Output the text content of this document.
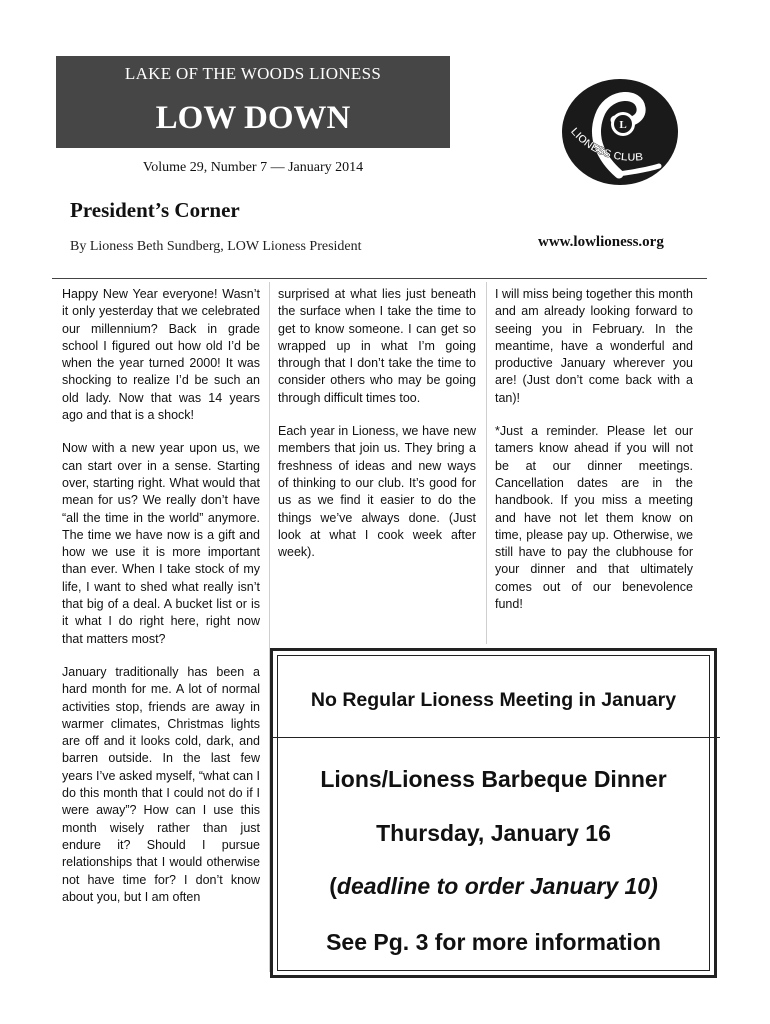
LAKE OF THE WOODS LIONESS
LOW DOWN
Volume 29, Number 7 — January 2014
L
LIONESS CLUB
President’s Corner
By Lioness Beth Sundberg, LOW Lioness President	www.lowlioness.org

Happy New Year everyone! Wasn’t it only yesterday that we celebrated our millennium? Back in grade school I figured out how old I’d be when the year turned 2000! It was shocking to realize I’d be such an old lady. Now that was 14 years ago and that is a shock!

Now with a new year upon us, we can start over in a sense. Starting over, starting right. What would that mean for us? We really don’t have “all the time in the world” anymore. The time we have now is a gift and how we use it is more important than ever. When I take stock of my life, I want to shed what really isn’t that big of a deal. A bucket list or is it what I do right here, right now that matters most?

January traditionally has been a hard month for me. A lot of normal activities stop, friends are away in warmer climates, Christmas lights are off and it looks cold, dark, and barren outside. In the last few years I’ve asked myself, “what can I do this month that I could not do if I were away”? How can I use this month wisely rather than just endure it? Should I pursue relationships that I would otherwise not have time for? I don’t know about you, but I am often

surprised at what lies just beneath the surface when I take the time to get to know someone. I can get so wrapped up in what I’m going through that I don’t take the time to consider others who may be going through difficult times too.

Each year in Lioness, we have new members that join us. They bring a freshness of ideas and new ways of thinking to our club. It’s good for us as we find it easier to do the things we’ve always done. (Just look at what I cook week after week).

I will miss being together this month and am already looking forward to seeing you in February. In the meantime, have a wonderful and productive January wherever you are! (Just don’t come back with a tan)!

*Just a reminder. Please let our tamers know ahead if you will not be at our dinner meetings. Cancellation dates are in the handbook. If you miss a meeting and have not let them know on time, please pay up. Otherwise, we still have to pay the clubhouse for your dinner and that ultimately comes out of our benevolence fund!

No Regular Lioness Meeting in January
Lions/Lioness Barbeque Dinner
Thursday, January 16
(deadline to order January 10)
See Pg. 3 for more information
